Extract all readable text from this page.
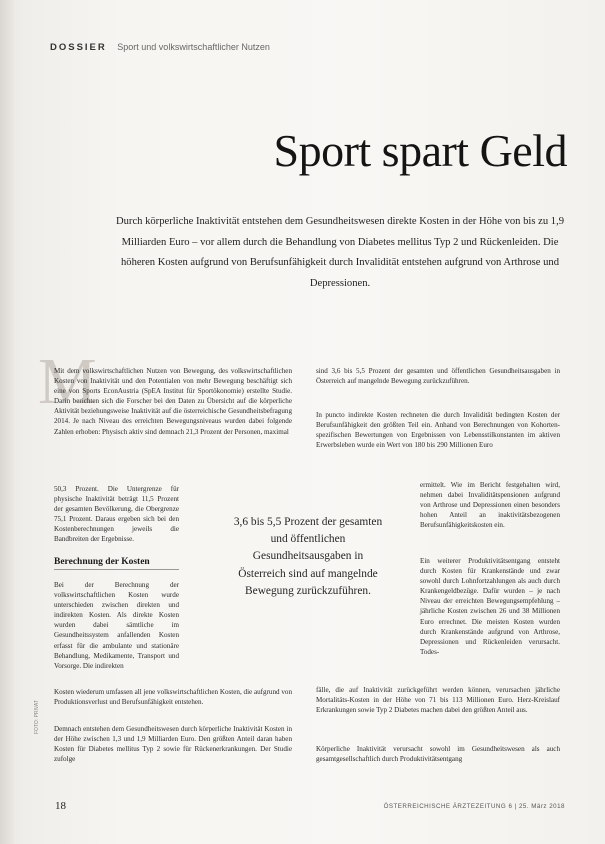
DOSSIER Sport und volkswirtschaftlicher Nutzen
Sport spart Geld
Durch körperliche Inaktivität entstehen dem Gesundheitswesen direkte Kosten in der Höhe von bis zu 1,9 Milliarden Euro – vor allem durch die Behandlung von Diabetes mellitus Typ 2 und Rückenleiden. Die höheren Kosten aufgrund von Berufsunfähigkeit durch Invalidität entstehen aufgrund von Arthrose und Depressionen.
M

Mit dem volkswirtschaftlichen Nutzen von Bewegung, des volkswirtschaftlichen Kosten von Inaktivität und den Potentialen von mehr Bewegung beschäftigt sich eine von Sports EconAustria (SpEA Institut für Sportökonomie) erstellte Studie. Darin berichten sich die Forscher bei den Daten zu Übersicht auf die körperliche Aktivität beziehungsweise Inaktivität auf die österreichische Gesundheitsbefragung 2014. Je nach Niveau des erreichten Bewegungsniveaus wurden dabei folgende Zahlen erhoben: Physisch aktiv sind demnach 21,3 Prozent der Personen, maximal

50,3 Prozent. Die Untergrenze für physische Inaktivität beträgt 11,5 Prozent der gesamten Bevölkerung, die Obergrenze 75,1 Prozent. Daraus ergeben sich bei den Kostenberechnungen jeweils die Bandbreiten der Ergebnisse.

Berechnung der Kosten

Bei der Berechnung der volkswirtschaftlichen Kosten wurde unterschieden zwischen direkten und indirekten Kosten. Als direkte Kosten wurden dabei sämtliche im Gesundheitssystem anfallenden Kosten erfasst für die ambulante und stationäre Behandlung, Medikamente, Transport und Vorsorge. Die indirekten

Kosten wiederum umfassen all jene volkswirtschaftlichen Kosten, die aufgrund von Produktionsverlust und Berufsunfähigkeit entstehen.

Demnach entstehen dem Gesundheitswesen durch körperliche Inaktivität Kosten in der Höhe zwischen 1,3 und 1,9 Milliarden Euro. Den größten Anteil daran haben Kosten für Diabetes mellitus Typ 2 sowie für Rückenerkrankungen. Der Studie zufolge

sind 3,6 bis 5,5 Prozent der gesamten und öffentlichen Gesundheitsausgaben in Österreich auf mangelnde Bewegung zurückzuführen.

In puncto indirekte Kosten rechneten die durch Invalidität bedingten Kosten der Berufsunfähigkeit den größten Teil ein. Anhand von Berechnungen von Kohorten-spezifischen Bewertungen von Ergebnissen von Lebensstilkonstanten im aktiven Erwerbsleben wurde ein Wert von 180 bis 290 Millionen Euro

ermittelt. Wie im Bericht festgehalten wird, nehmen dabei Invaliditätspensionen aufgrund von Arthrose und Depressionen einen besonders hohen Anteil an inaktivitätsbezogenen Berufsunfähigkeitskosten ein.

Ein weiterer Produktivitätsentgang entsteht durch Kosten für Krankenstände und zwar sowohl durch Lohnfortzahlungen als auch durch Krankengeldbezüge. Dafür wurden – je nach Niveau der erreichten Bewegungsempfehlung – jährliche Kosten zwischen 26 und 38 Millionen Euro errechnet. Die meisten Kosten wurden durch Krankenstände aufgrund von Arthrose, Depressionen und Rückenleiden verursacht. Todes-

fälle, die auf Inaktivität zurückgeführt werden können, verursachen jährliche Mortalitäts-Kosten in der Höhe von 71 bis 113 Millionen Euro. Herz-Kreislauf Erkrankungen sowie Typ 2 Diabetes machen dabei den größten Anteil aus.

Körperliche Inaktivität verursacht sowohl im Gesundheitswesen als auch gesamtgesellschaftlich durch Produktivitätsentgang

3,6 bis 5,5 Prozent der gesamten und öffentlichen Gesundheitsausgaben in Österreich sind auf mangelnde Bewegung zurückzuführen.
FOTO: PRIVAT
18	ÖSTERREICHISCHE ÄRZTEZEITUNG 6 | 25. März 2018
